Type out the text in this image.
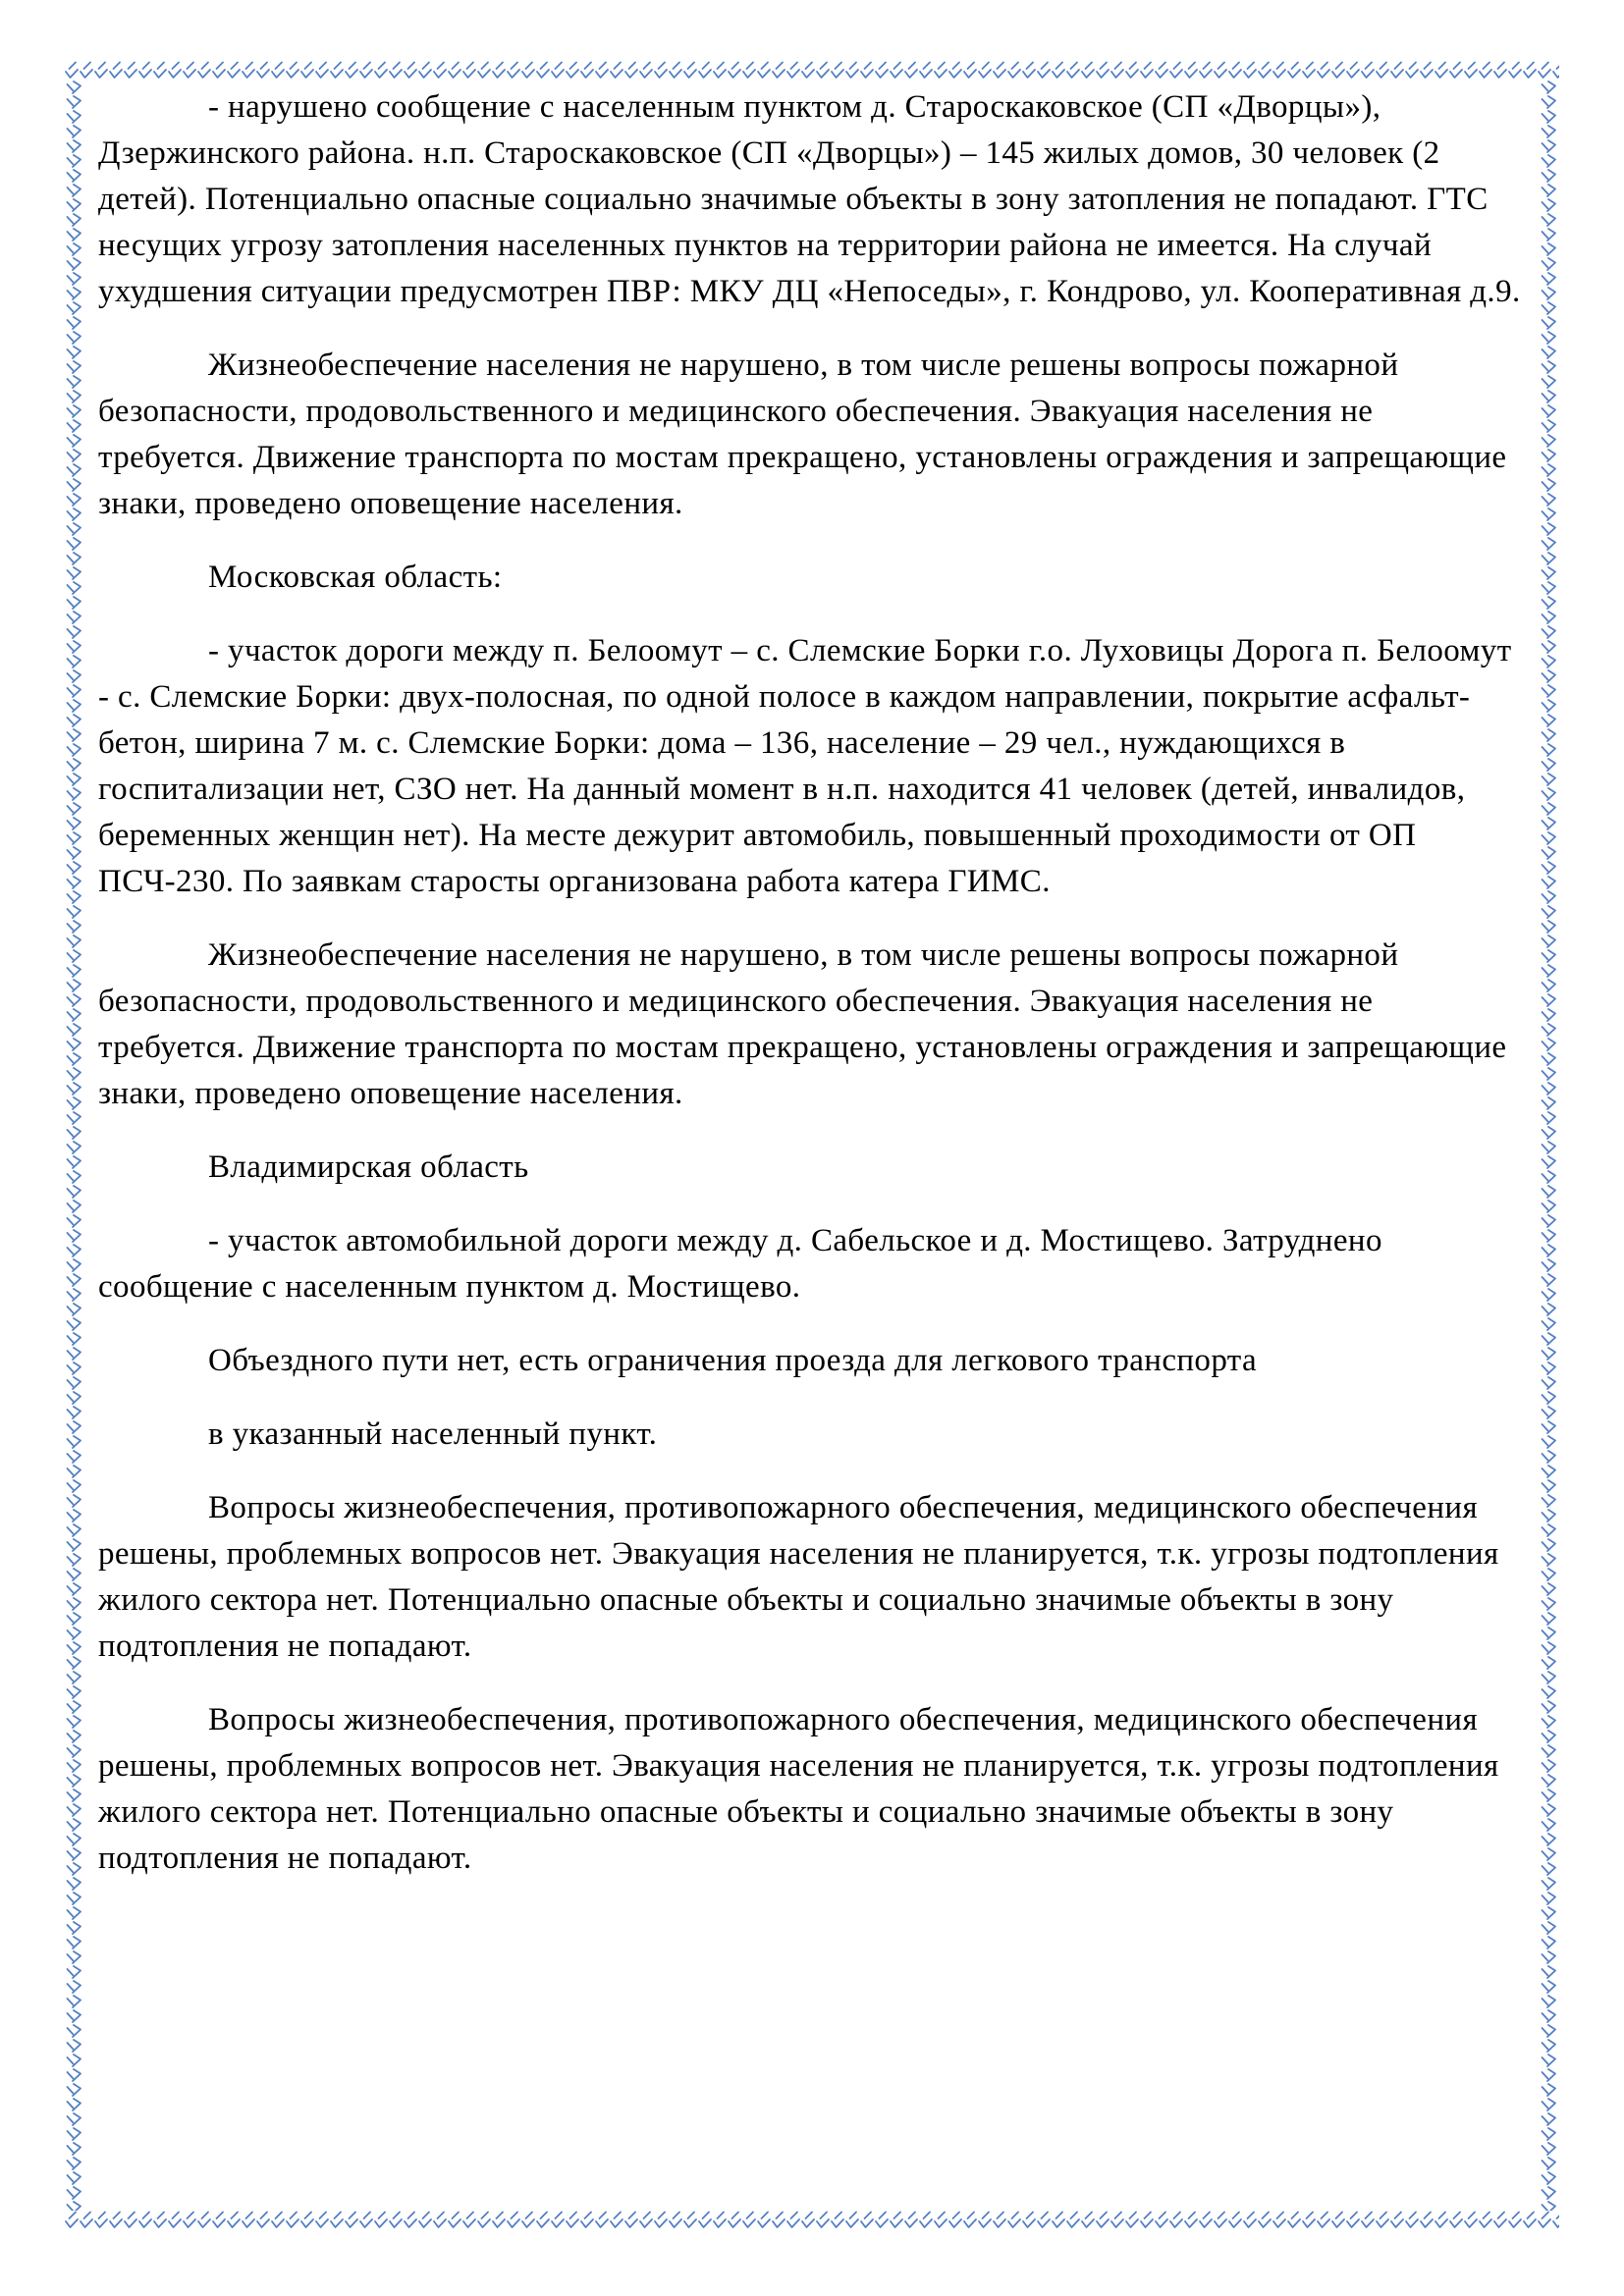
- нарушено сообщение с населенным пунктом д. Староскаковское (СП «Дворцы»), Дзержинского района. н.п. Староскаковское (СП «Дворцы») – 145 жилых домов, 30 человек (2 детей). Потенциально опасные социально значимые объекты в зону затопления не попадают. ГТС несущих угрозу затопления населенных пунктов на территории района не имеется. На случай ухудшения ситуации предусмотрен ПВР: МКУ ДЦ «Непоседы», г. Кондрово, ул. Кооперативная д.9.

Жизнеобеспечение населения не нарушено, в том числе решены вопросы пожарной безопасности, продовольственного и медицинского обеспечения. Эвакуация населения не требуется. Движение транспорта по мостам прекращено, установлены ограждения и запрещающие знаки, проведено оповещение населения.

Московская область:

- участок дороги между п. Белоомут – с. Слемские Борки г.о. Луховицы Дорога п. Белоомут - с. Слемские Борки: двух-полосная, по одной полосе в каждом направлении, покрытие асфальт-бетон, ширина 7 м. с. Слемские Борки: дома – 136, население – 29 чел., нуждающихся в госпитализации нет, СЗО нет. На данный момент в н.п. находится 41 человек (детей, инвалидов, беременных женщин нет). На месте дежурит автомобиль, повышенный проходимости от ОП ПСЧ-230. По заявкам старосты организована работа катера ГИМС.

Жизнеобеспечение населения не нарушено, в том числе решены вопросы пожарной безопасности, продовольственного и медицинского обеспечения. Эвакуация населения не требуется. Движение транспорта по мостам прекращено, установлены ограждения и запрещающие знаки, проведено оповещение населения.

Владимирская область

- участок автомобильной дороги между д. Сабельское и д. Мостищево. Затруднено сообщение с населенным пунктом д. Мостищево.

Объездного пути нет, есть ограничения проезда для легкового транспорта

в указанный населенный пункт.

Вопросы жизнеобеспечения, противопожарного обеспечения, медицинского обеспечения решены, проблемных вопросов нет. Эвакуация населения не планируется, т.к. угрозы подтопления жилого сектора нет. Потенциально опасные объекты и социально значимые объекты в зону подтопления не попадают.

Вопросы жизнеобеспечения, противопожарного обеспечения, медицинского обеспечения решены, проблемных вопросов нет. Эвакуация населения не планируется, т.к. угрозы подтопления жилого сектора нет. Потенциально опасные объекты и социально значимые объекты в зону подтопления не попадают.
